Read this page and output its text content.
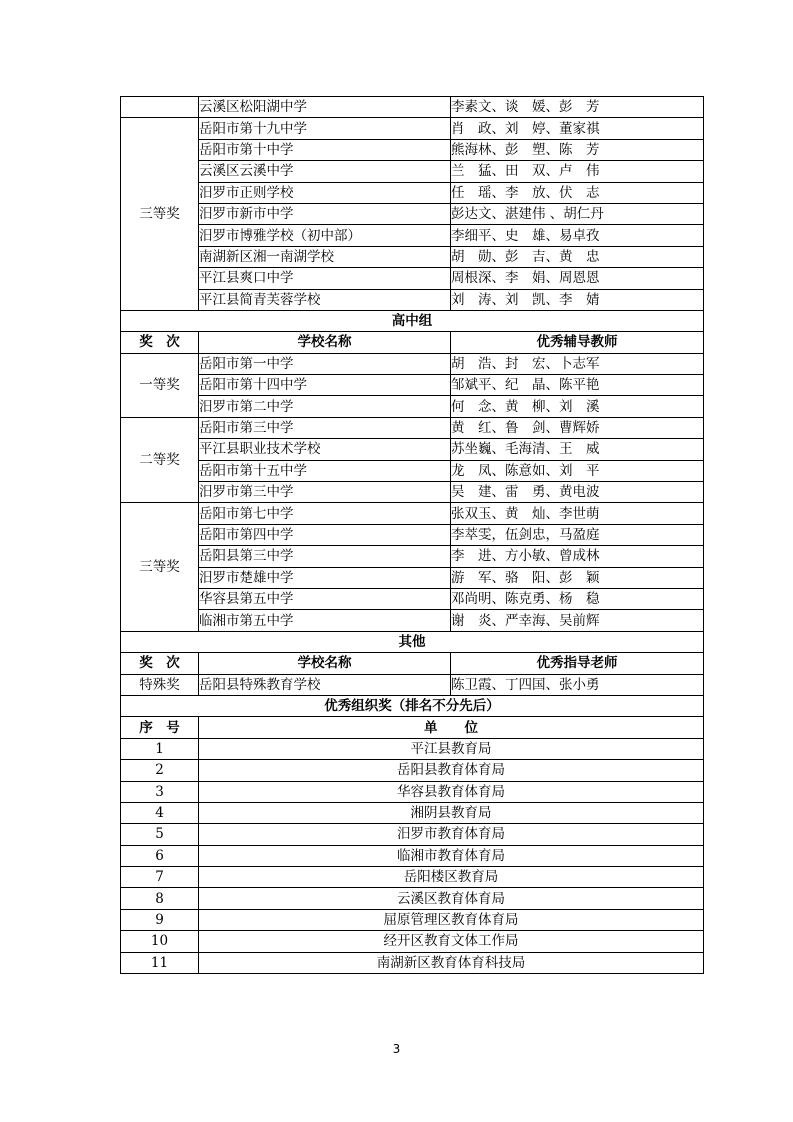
	云溪区松阳湖中学	李素文、谈　媛、彭　芳
三等奖	岳阳市第十九中学	肖　政、刘　婷、董家祺
	岳阳市第十中学	熊海林、彭　塑、陈　芳
	云溪区云溪中学	兰　猛、田　双、卢　伟
	汨罗市正则学校	任　瑶、李　放、伏　志
	汨罗市新市中学	彭达文、湛建伟 、胡仁丹
	汨罗市博雅学校（初中部）	李细平、史　雄、易卓孜
	南湖新区湘一南湖学校	胡　勋、彭　吉、黄　忠
	平江县爽口中学	周根深、李　娟、周恩恩
	平江县简青芙蓉学校	刘　涛、刘　凯、李　婧
高中组		
奖　次	学校名称	优秀辅导教师
一等奖	岳阳市第一中学	胡　浩、封　宏、卜志军
	岳阳市第十四中学	邹斌平、纪　晶、陈平艳
	汨罗市第二中学	何　念、黄　柳、刘　溪
二等奖	岳阳市第三中学	黄　红、鲁　剑、曹辉娇
	平江县职业技术学校	苏坐巍、毛海清、王　威
	岳阳市第十五中学	龙　凤、陈意如、刘　平
	汨罗市第三中学	吴　建、雷　勇、黄电波
三等奖	岳阳市第七中学	张双玉、黄　灿、李世萌
	岳阳市第四中学	李萃雯，伍剑忠，马盈庭
	岳阳县第三中学	李　进、方小敏、曾成林
	汨罗市楚雄中学	游　军、骆　阳、彭　颖
	华容县第五中学	邓尚明、陈克勇、杨　稳
	临湘市第五中学	谢　炎、严幸海、吴前辉
其他		
奖　次	学校名称	优秀指导老师
特殊奖	岳阳县特殊教育学校	陈卫霞、丁四国、张小勇
优秀组织奖（排名不分先后）		
序　号	单　　位	
1	平江县教育局	
2	岳阳县教育体育局	
3	华容县教育体育局	
4	湘阴县教育局	
5	汨罗市教育体育局	
6	临湘市教育体育局	
7	岳阳楼区教育局	
8	云溪区教育体育局	
9	屈原管理区教育体育局	
10	经开区教育文体工作局	
11	南湖新区教育体育科技局	
3
